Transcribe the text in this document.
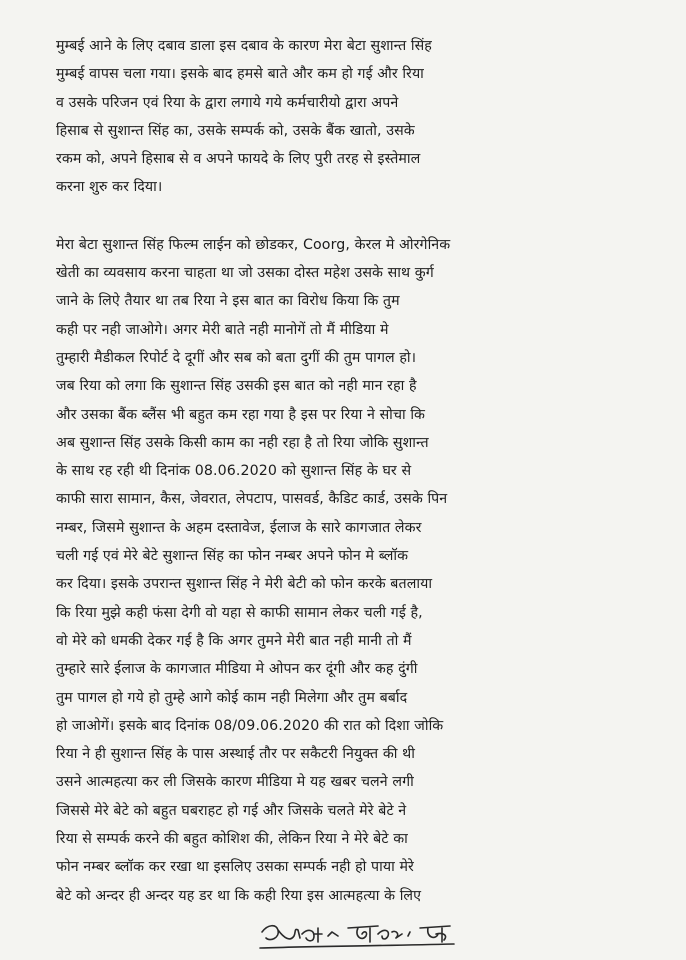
मुम्बई आने के लिए दबाव डाला इस दबाव के कारण मेरा बेटा सुशान्त सिंह
मुम्बई वापस चला गया। इसके बाद हमसे बाते और कम हो गई और रिया
व उसके परिजन एवं रिया के द्वारा लगाये गये कर्मचारीयो द्वारा अपने
हिसाब से सुशान्त सिंह का, उसके सम्पर्क को, उसके बैंक खातो, उसके
रकम को, अपने हिसाब से व अपने फायदे के लिए पुरी तरह से इस्तेमाल
करना शुरु कर दिया।

मेरा बेटा सुशान्त सिंह फिल्म लाईन को छोडकर, Coorg, केरल मे ओरगेनिक
खेती का व्यवसाय करना चाहता था जो उसका दोस्त महेश उसके साथ कुर्ग
जाने के लिऐ तैयार था तब रिया ने इस बात का विरोध किया कि तुम
कही पर नही जाओगे। अगर मेरी बाते नही मानोगें तो मैं मीडिया मे
तुम्हारी मैडीकल रिपोर्ट दे दूगीं और सब को बता दुगीं की तुम पागल हो।
जब रिया को लगा कि सुशान्त सिंह उसकी इस बात को नही मान रहा है
और उसका बैंक ब्लैंस भी बहुत कम रहा गया है इस पर रिया ने सोचा कि
अब सुशान्त सिंह उसके किसी काम का नही रहा है तो रिया जोकि सुशान्त
के साथ रह रही थी दिनांक 08.06.2020 को सुशान्त सिंह के घर से
काफी सारा सामान, कैस, जेवरात, लेपटाप, पासवर्ड, कैडिट कार्ड, उसके पिन
नम्बर, जिसमे सुशान्त के अहम दस्तावेज, ईलाज के सारे कागजात लेकर
चली गई एवं मेरे बेटे सुशान्त सिंह का फोन नम्बर अपने फोन मे ब्लॉक
कर दिया। इसके उपरान्त सुशान्त सिंह ने मेरी बेटी को फोन करके बतलाया
कि रिया मुझे कही फंसा देगी वो यहा से काफी सामान लेकर चली गई है,
वो मेरे को धमकी देकर गई है कि अगर तुमने मेरी बात नही मानी तो मैं
तुम्हारे सारे ईलाज के कागजात मीडिया मे ओपन कर दूंगी और कह दुंगी
तुम पागल हो गये हो तुम्हे आगे कोई काम नही मिलेगा और तुम बर्बाद
हो जाओगें। इसके बाद दिनांक 08/09.06.2020 की रात को दिशा जोकि
रिया ने ही सुशान्त सिंह के पास अस्थाई तौर पर सकैटरी नियुक्त की थी
उसने आत्महत्या कर ली जिसके कारण मीडिया मे यह खबर चलने लगी
जिससे मेरे बेटे को बहुत घबराहट हो गई और जिसके चलते मेरे बेटे ने
रिया से सम्पर्क करने की बहुत कोशिश की, लेकिन रिया ने मेरे बेटे का
फोन नम्बर ब्लॉक कर रखा था इसलिए उसका सम्पर्क नही हो पाया मेरे
बेटे को अन्दर ही अन्दर यह डर था कि कही रिया इस आत्महत्या के लिए
